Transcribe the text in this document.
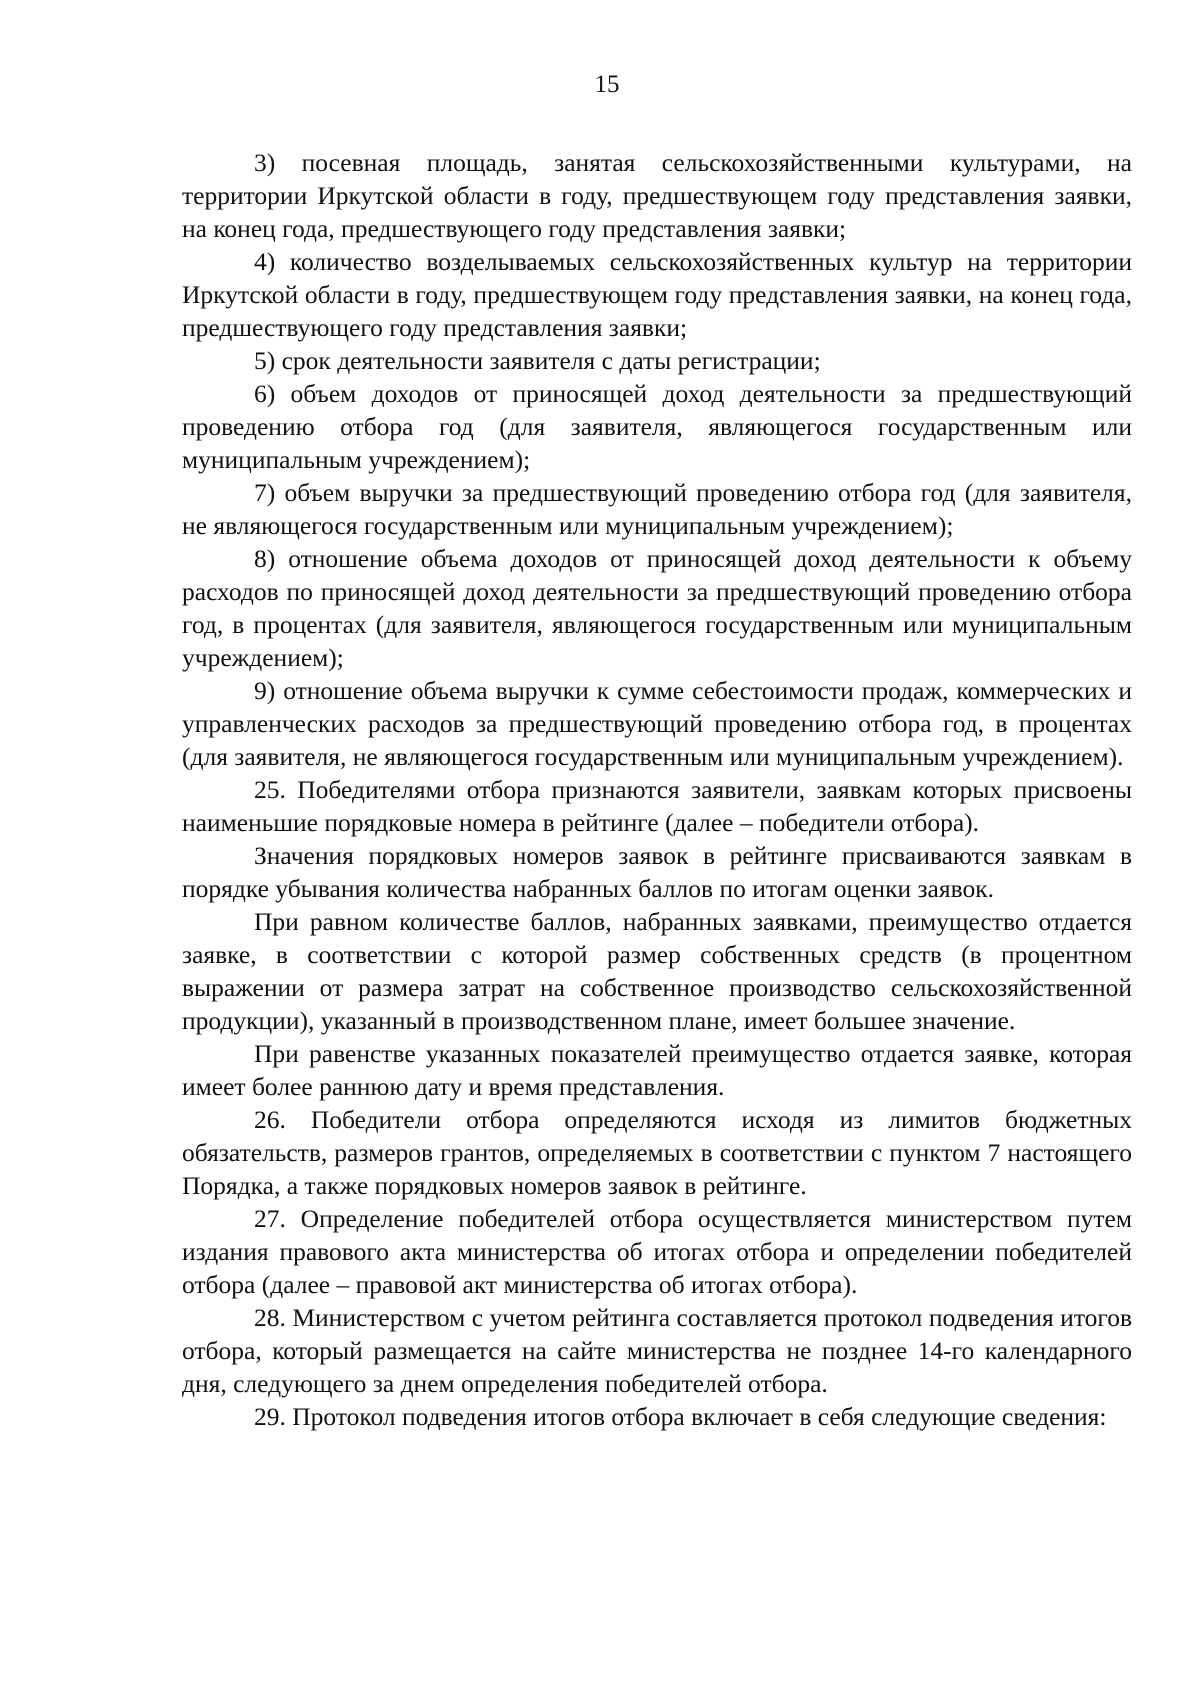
15

3) посевная площадь, занятая сельскохозяйственными культурами, на территории Иркутской области в году, предшествующем году представления заявки, на конец года, предшествующего году представления заявки;

4) количество возделываемых сельскохозяйственных культур на территории Иркутской области в году, предшествующем году представления заявки, на конец года, предшествующего году представления заявки;

5) срок деятельности заявителя с даты регистрации;

6) объем доходов от приносящей доход деятельности за предшествующий проведению отбора год (для заявителя, являющегося государственным или муниципальным учреждением);

7) объем выручки за предшествующий проведению отбора год (для заявителя, не являющегося государственным или муниципальным учреждением);

8) отношение объема доходов от приносящей доход деятельности к объему расходов по приносящей доход деятельности за предшествующий проведению отбора год, в процентах (для заявителя, являющегося государственным или муниципальным учреждением);

9) отношение объема выручки к сумме себестоимости продаж, коммерческих и управленческих расходов за предшествующий проведению отбора год, в процентах (для заявителя, не являющегося государственным или муниципальным учреждением).

25. Победителями отбора признаются заявители, заявкам которых присвоены наименьшие порядковые номера в рейтинге (далее – победители отбора).

Значения порядковых номеров заявок в рейтинге присваиваются заявкам в порядке убывания количества набранных баллов по итогам оценки заявок.

При равном количестве баллов, набранных заявками, преимущество отдается заявке, в соответствии с которой размер собственных средств (в процентном выражении от размера затрат на собственное производство сельскохозяйственной продукции), указанный в производственном плане, имеет большее значение.

При равенстве указанных показателей преимущество отдается заявке, которая имеет более раннюю дату и время представления.

26. Победители отбора определяются исходя из лимитов бюджетных обязательств, размеров грантов, определяемых в соответствии с пунктом 7 настоящего Порядка, а также порядковых номеров заявок в рейтинге.

27. Определение победителей отбора осуществляется министерством путем издания правового акта министерства об итогах отбора и определении победителей отбора (далее – правовой акт министерства об итогах отбора).

28. Министерством с учетом рейтинга составляется протокол подведения итогов отбора, который размещается на сайте министерства не позднее 14-го календарного дня, следующего за днем определения победителей отбора.

29. Протокол подведения итогов отбора включает в себя следующие сведения:
